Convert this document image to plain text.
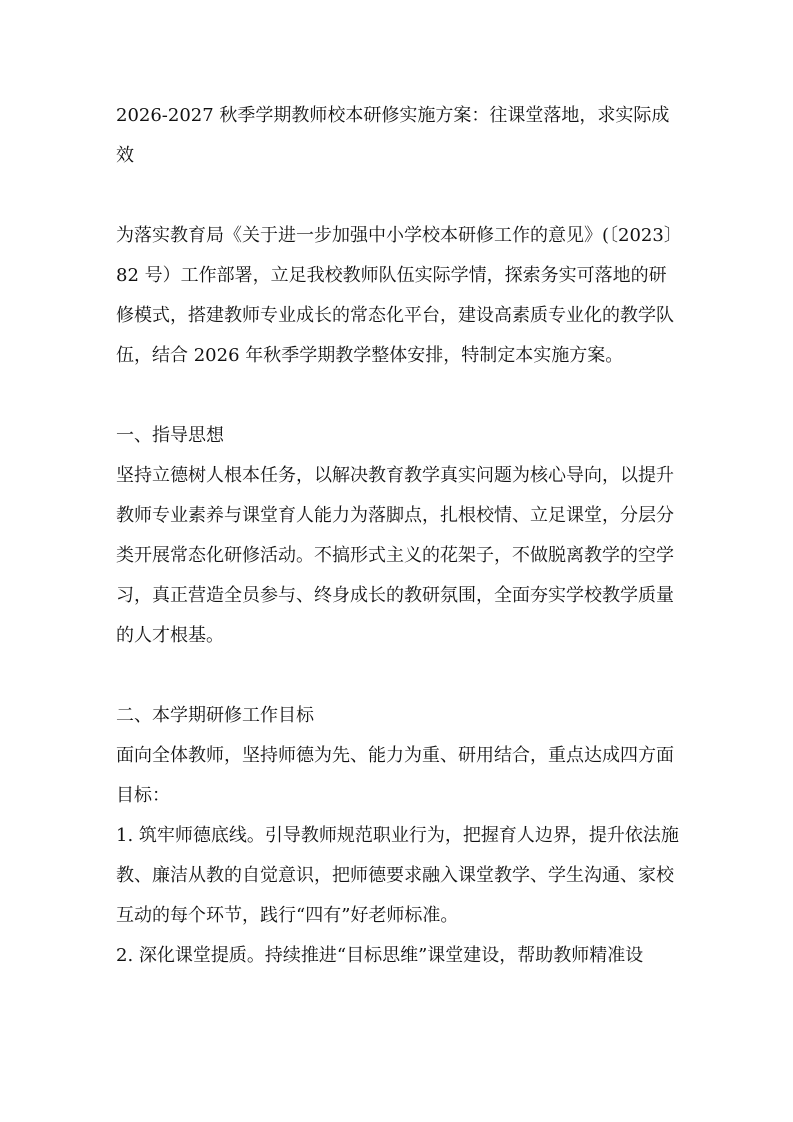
2026-2027 秋季学期教师校本研修实施方案：往课堂落地，求实际成效

为落实教育局《关于进一步加强中小学校本研修工作的意见》(〔2023〕82 号）工作部署，立足我校教师队伍实际学情，探索务实可落地的研修模式，搭建教师专业成长的常态化平台，建设高素质专业化的教学队伍，结合 2026 年秋季学期教学整体安排，特制定本实施方案。

一、指导思想

坚持立德树人根本任务，以解决教育教学真实问题为核心导向，以提升教师专业素养与课堂育人能力为落脚点，扎根校情、立足课堂，分层分类开展常态化研修活动。不搞形式主义的花架子，不做脱离教学的空学习，真正营造全员参与、终身成长的教研氛围，全面夯实学校教学质量的人才根基。

二、本学期研修工作目标

面向全体教师，坚持师德为先、能力为重、研用结合，重点达成四方面目标：

1. 筑牢师德底线。引导教师规范职业行为，把握育人边界，提升依法施教、廉洁从教的自觉意识，把师德要求融入课堂教学、学生沟通、家校互动的每个环节，践行“四有”好老师标准。

2. 深化课堂提质。持续推进“目标思维”课堂建设，帮助教师精准设
